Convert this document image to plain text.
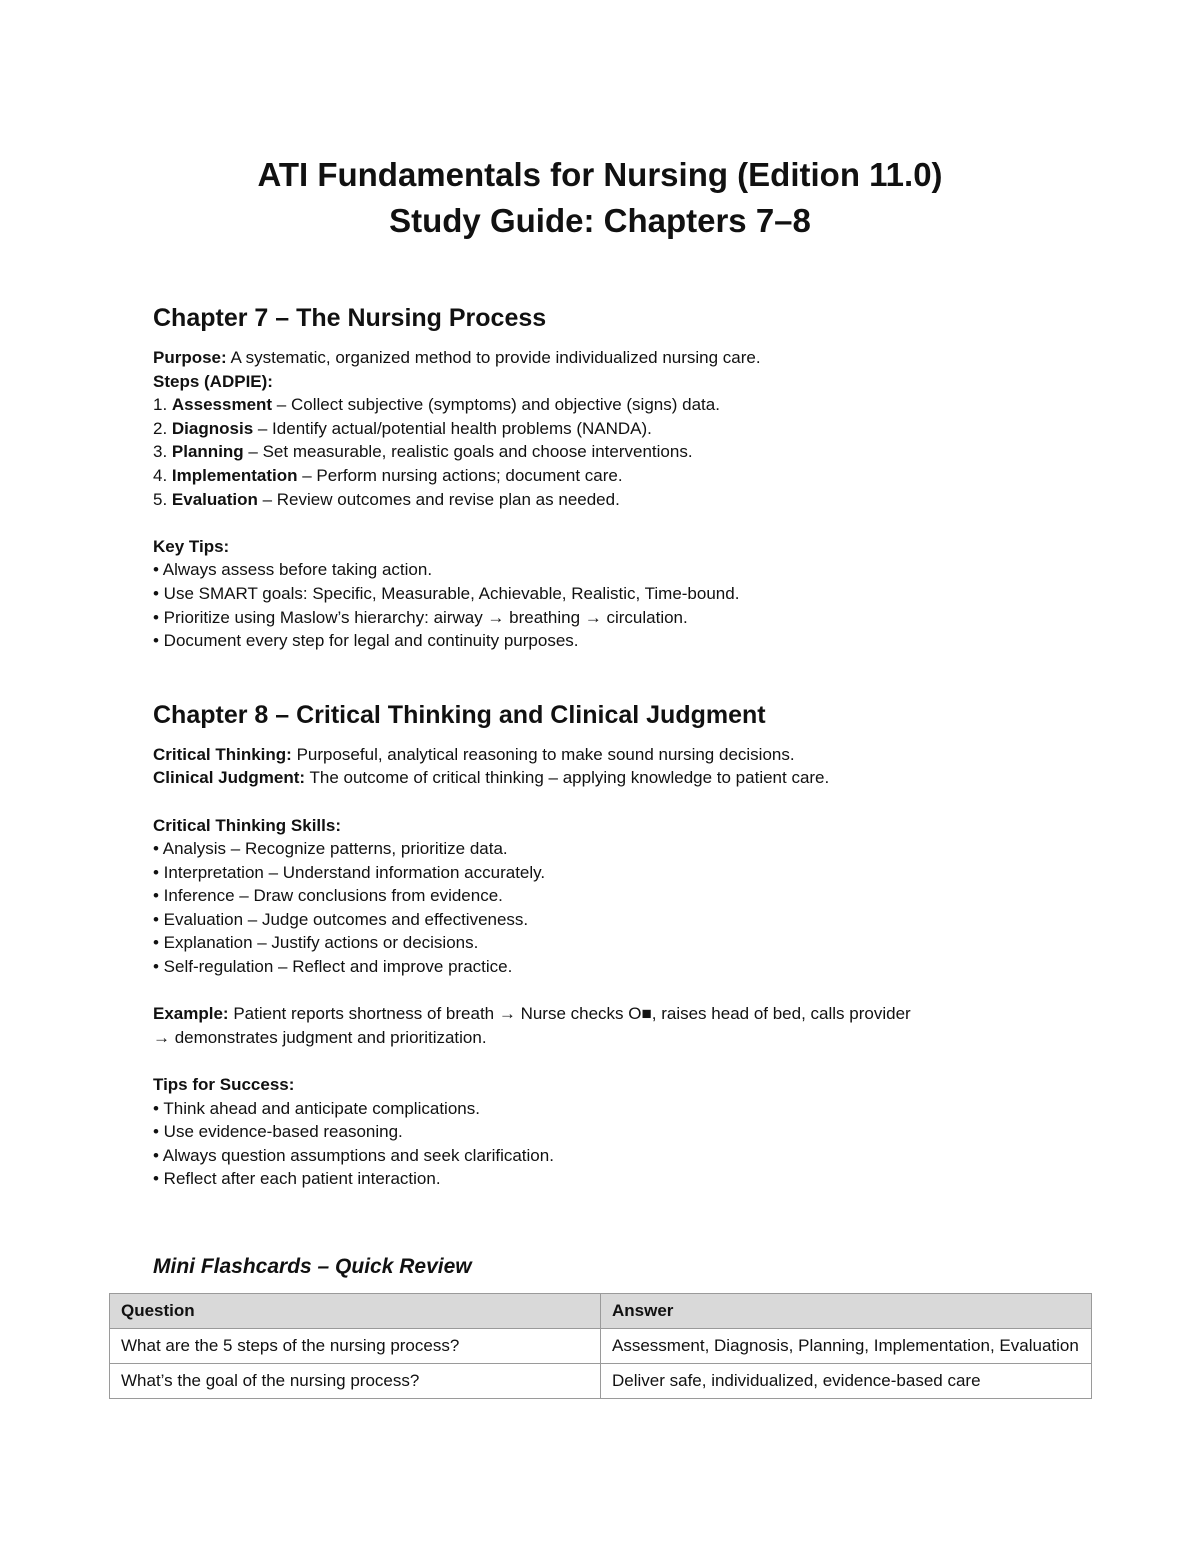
ATI Fundamentals for Nursing (Edition 11.0)

Study Guide: Chapters 7–8

Chapter 7 – The Nursing Process

Purpose: A systematic, organized method to provide individualized nursing care.

Steps (ADPIE):

1. Assessment – Collect subjective (symptoms) and objective (signs) data.

2. Diagnosis – Identify actual/potential health problems (NANDA).

3. Planning – Set measurable, realistic goals and choose interventions.

4. Implementation – Perform nursing actions; document care.

5. Evaluation – Review outcomes and revise plan as needed.

Key Tips:

• Always assess before taking action.

• Use SMART goals: Specific, Measurable, Achievable, Realistic, Time-bound.

• Prioritize using Maslow’s hierarchy: airway → breathing → circulation.

• Document every step for legal and continuity purposes.

Chapter 8 – Critical Thinking and Clinical Judgment

Critical Thinking: Purposeful, analytical reasoning to make sound nursing decisions.

Clinical Judgment: The outcome of critical thinking – applying knowledge to patient care.

Critical Thinking Skills:

• Analysis – Recognize patterns, prioritize data.

• Interpretation – Understand information accurately.

• Inference – Draw conclusions from evidence.

• Evaluation – Judge outcomes and effectiveness.

• Explanation – Justify actions or decisions.

• Self-regulation – Reflect and improve practice.

Example: Patient reports shortness of breath → Nurse checks O■, raises head of bed, calls provider

→ demonstrates judgment and prioritization.

Tips for Success:

• Think ahead and anticipate complications.

• Use evidence-based reasoning.

• Always question assumptions and seek clarification.

• Reflect after each patient interaction.

Mini Flashcards – Quick Review

Question	Answer
What are the 5 steps of the nursing process?	Assessment, Diagnosis, Planning, Implementation, Evaluation
What’s the goal of the nursing process?	Deliver safe, individualized, evidence-based care
